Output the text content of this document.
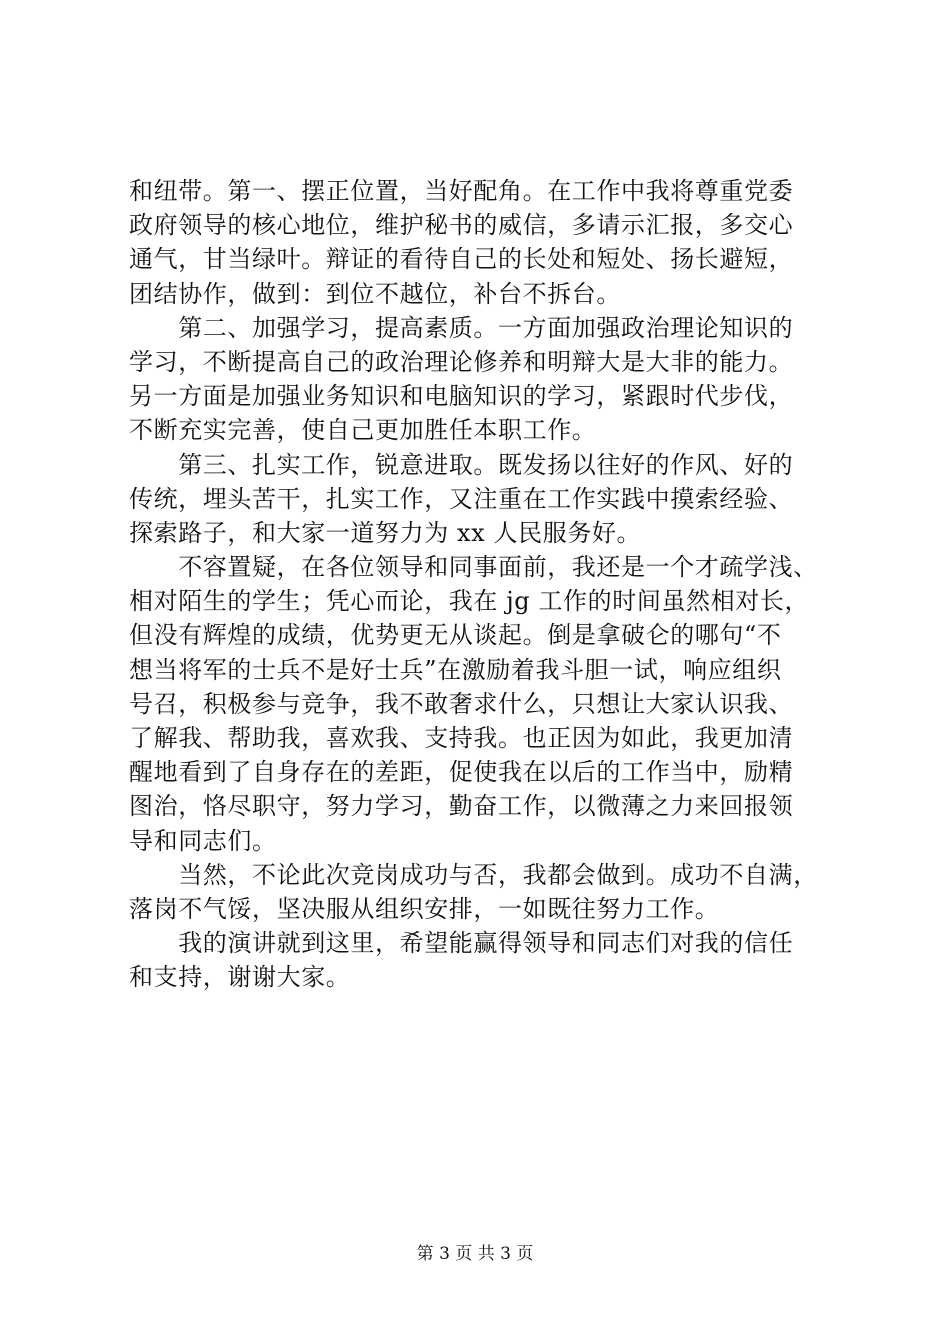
和纽带。第一、摆正位置，当好配角。在工作中我将尊重党委
政府领导的核心地位，维护秘书的威信，多请示汇报，多交心
通气，甘当绿叶。辩证的看待自己的长处和短处、扬长避短，
团结协作，做到：到位不越位，补台不拆台。
　　第二、加强学习，提高素质。一方面加强政治理论知识的
学习，不断提高自己的政治理论修养和明辩大是大非的能力。
另一方面是加强业务知识和电脑知识的学习，紧跟时代步伐，
不断充实完善，使自己更加胜任本职工作。
　　第三、扎实工作，锐意进取。既发扬以往好的作风、好的
传统，埋头苦干，扎实工作，又注重在工作实践中摸索经验、
探索路子，和大家一道努力为 xx 人民服务好。
　　不容置疑，在各位领导和同事面前，我还是一个才疏学浅、
相对陌生的学生；凭心而论，我在 jg 工作的时间虽然相对长，
但没有辉煌的成绩，优势更无从谈起。倒是拿破仑的哪句“不
想当将军的士兵不是好士兵”在激励着我斗胆一试，响应组织
号召，积极参与竞争，我不敢奢求什么，只想让大家认识我、
了解我、帮助我，喜欢我、支持我。也正因为如此，我更加清
醒地看到了自身存在的差距，促使我在以后的工作当中，励精
图治，恪尽职守，努力学习，勤奋工作，以微薄之力来回报领
导和同志们。
　　当然，不论此次竞岗成功与否，我都会做到。成功不自满，
落岗不气馁，坚决服从组织安排，一如既往努力工作。
　　我的演讲就到这里，希望能赢得领导和同志们对我的信任
和支持，谢谢大家。
第 3 页 共 3 页
